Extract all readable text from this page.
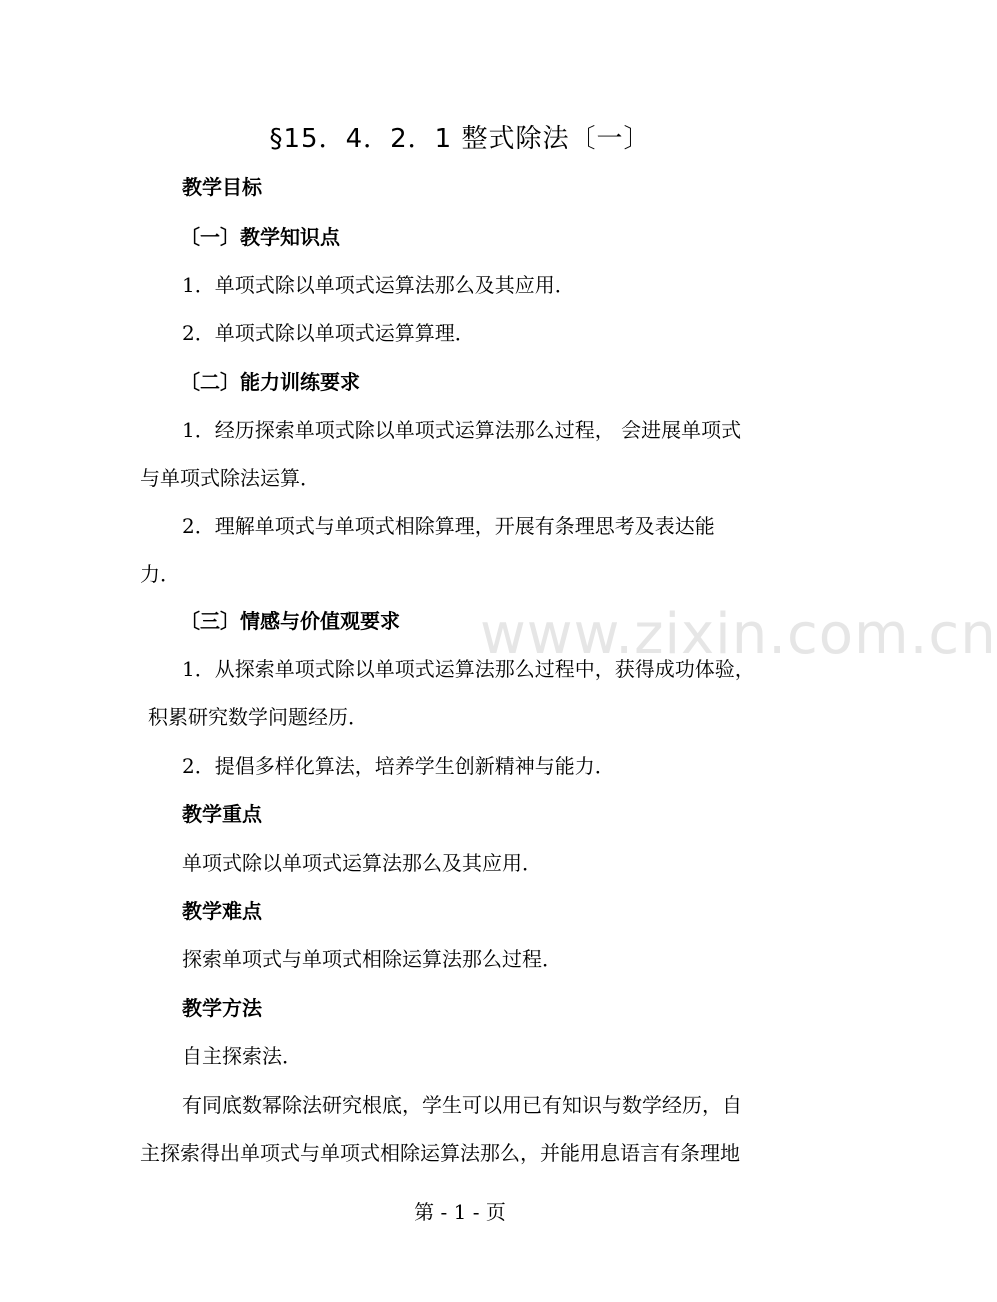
§15．4．2．1 整式除法〔一〕
教学目标
〔一〕教学知识点
1．单项式除以单项式运算法那么及其应用．
2．单项式除以单项式运算算理．
〔二〕能力训练要求
1．经历探索单项式除以单项式运算法那么过程， 会进展单项式
与单项式除法运算．
2．理解单项式与单项式相除算理，开展有条理思考及表达能
力．
〔三〕情感与价值观要求
1．从探索单项式除以单项式运算法那么过程中，获得成功体验，
积累研究数学问题经历．
2．提倡多样化算法，培养学生创新精神与能力．
教学重点
单项式除以单项式运算法那么及其应用．
教学难点
探索单项式与单项式相除运算法那么过程．
教学方法
自主探索法．
有同底数幂除法研究根底，学生可以用已有知识与数学经历，自
主探索得出单项式与单项式相除运算法那么，并能用息语言有条理地
www.zixin.com.cn
第 - 1 - 页
